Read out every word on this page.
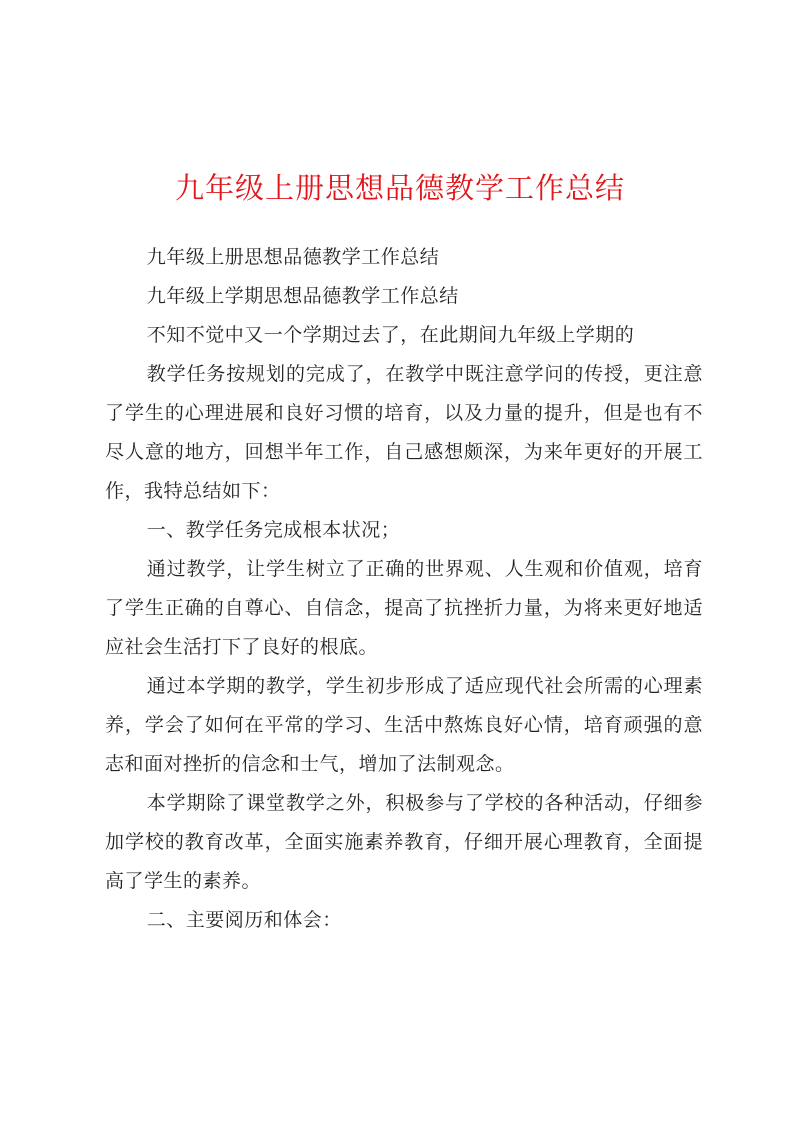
九年级上册思想品德教学工作总结

九年级上册思想品德教学工作总结

九年级上学期思想品德教学工作总结

不知不觉中又一个学期过去了，在此期间九年级上学期的

教学任务按规划的完成了，在教学中既注意学问的传授，更注意了学生的心理进展和良好习惯的培育，以及力量的提升，但是也有不尽人意的地方，回想半年工作，自己感想颇深，为来年更好的开展工作，我特总结如下：

一、教学任务完成根本状况；

通过教学，让学生树立了正确的世界观、人生观和价值观，培育了学生正确的自尊心、自信念，提高了抗挫折力量，为将来更好地适应社会生活打下了良好的根底。

通过本学期的教学，学生初步形成了适应现代社会所需的心理素养，学会了如何在平常的学习、生活中熬炼良好心情，培育顽强的意志和面对挫折的信念和士气，增加了法制观念。

本学期除了课堂教学之外，积极参与了学校的各种活动，仔细参加学校的教育改革，全面实施素养教育，仔细开展心理教育，全面提高了学生的素养。

二、主要阅历和体会：
